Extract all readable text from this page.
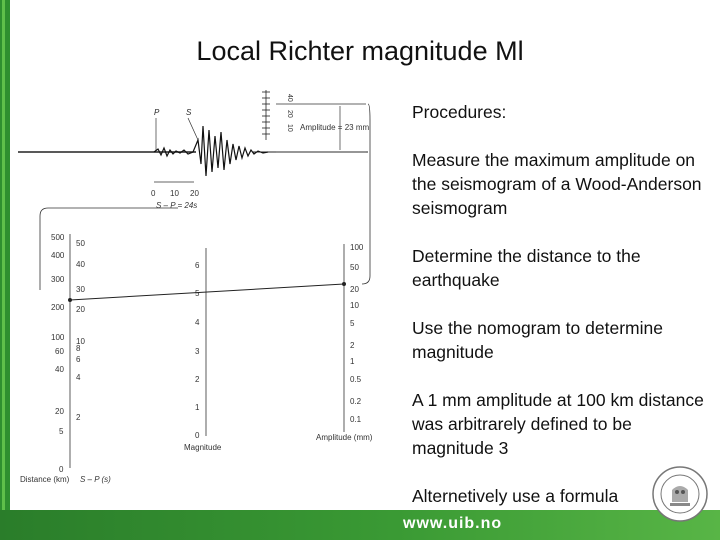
Local Richter magnitude Ml
P	S
40
20
10 Amplitude = 23 mm
0 10 20
S – P = 24s
500
400
300
200
100
60
40
20
5
0
50
40
30
20
10
8
6
4
2
Distance (km) S – P (s)
6
5
4
3
2
1
0
Magnitude
100
50
20
10
5
2
1
0.5
0.2
0.1
Amplitude (mm)
Procedures:
Measure the maximum amplitude on the seismogram of a Wood-Anderson seismogram
Determine the distance to the earthquake
Use the nomogram to determine magnitude
A 1 mm amplitude at 100 km distance was arbitrarely defined to be magnitude 3
Alternetively use a formula
www.uib.no
